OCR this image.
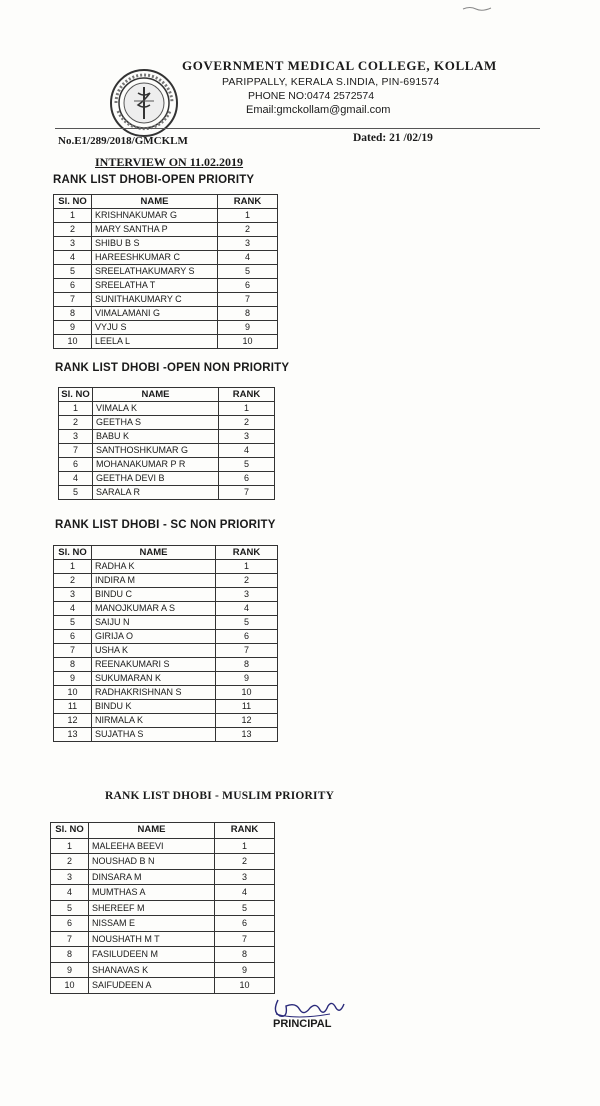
GOVERNMENT MEDICAL COLLEGE, KOLLAM
PARIPPALLY, KERALA S.INDIA, PIN-691574
PHONE NO:0474 2572574
Email:gmckollam@gmail.com
No.E1/289/2018/GMCKLM	Dated: 21 /02/19
INTERVIEW ON 11.02.2019
RANK LIST DHOBI-OPEN PRIORITY
Sl. NO	NAME	RANK
1	KRISHNAKUMAR G	1
2	MARY SANTHA P	2
3	SHIBU B S	3
4	HAREESHKUMAR C	4
5	SREELATHAKUMARY S	5
6	SREELATHA T	6
7	SUNITHAKUMARY C	7
8	VIMALAMANI G	8
9	VYJU S	9
10	LEELA L	10
RANK LIST DHOBI -OPEN NON PRIORITY
Sl. NO	NAME	RANK
1	VIMALA K	1
2	GEETHA S	2
3	BABU K	3
7	SANTHOSHKUMAR G	4
6	MOHANAKUMAR P R	5
4	GEETHA DEVI B	6
5	SARALA R	7
RANK LIST DHOBI - SC NON PRIORITY
Sl. NO	NAME	RANK
1	RADHA K	1
2	INDIRA M	2
3	BINDU C	3
4	MANOJKUMAR A S	4
5	SAIJU N	5
6	GIRIJA O	6
7	USHA K	7
8	REENAKUMARI S	8
9	SUKUMARAN K	9
10	RADHAKRISHNAN S	10
11	BINDU K	11
12	NIRMALA K	12
13	SUJATHA S	13
RANK LIST DHOBI - MUSLIM PRIORITY
Sl. NO	NAME	RANK
1	MALEEHA BEEVI	1
2	NOUSHAD B N	2
3	DINSARA M	3
4	MUMTHAS A	4
5	SHEREEF M	5
6	NISSAM E	6
7	NOUSHATH M T	7
8	FASILUDEEN M	8
9	SHANAVAS K	9
10	SAIFUDEEN A	10
PRINCIPAL
